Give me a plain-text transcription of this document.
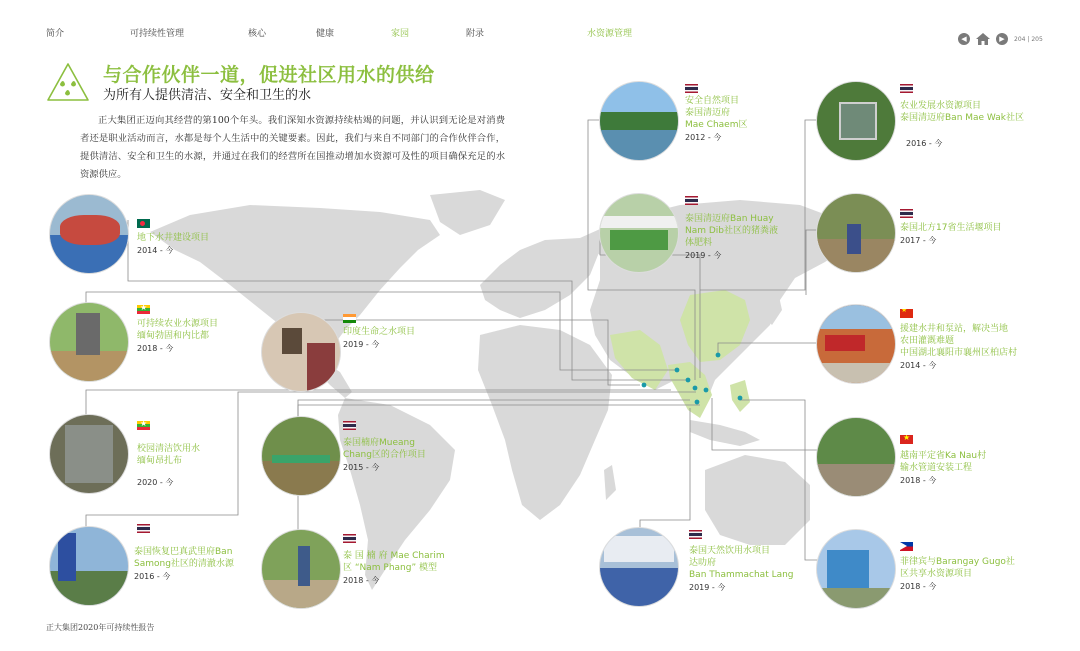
简介	可持续性管理	核心	健康	家园	附录	水资源管理	◀	▶	204 | 205
与合作伙伴一道，促进社区用水的供给
为所有人提供清洁、安全和卫生的水
正大集团正迈向其经营的第100个年头。我们深知水资源持续枯竭的问题，并认识到无论是对消费者还是职业活动而言，水都是每个人生活中的关键要素。因此，我们与来自不同部门的合作伙伴合作，提供清洁、安全和卫生的水源，并通过在我们的经营所在国推动增加水资源可及性的项目确保充足的水资源供应。
★
★
★
★
地下水井建设项目
2014 - 今
可持续农业水源项目
缅甸勃固和内比都
2018 - 今
校园清洁饮用水
缅甸昂扎布
2020 - 今
泰国恢复巴真武里府Ban
Samong社区的清澈水源
2016 - 今
印度生命之水项目
2019 - 今
泰国楠府Mueang
Chang区的合作项目
2015 - 今
泰 国 楠 府 Mae Charim
区 “Nam Phang” 模型
2018 - 今
安全自然项目
泰国清迈府
Mae Chaem区
2012 - 今
泰国清迈府Ban Huay
Nam Dib社区的猪粪液
体肥料
2019 - 今
泰国天然饮用水项目
达叻府
Ban Thammachat Lang
2019 - 今
农业发展水资源项目
泰国清迈府Ban Mae Wak社区
2016 - 今
泰国北方17省生活堰项目
2017 - 今
援建水井和泵站，解决当地
农田灌溉难题
中国湖北襄阳市襄州区柏店村
2014 - 今
越南平定省Ka Nau村
输水管道安装工程
2018 - 今
菲律宾与Barangay Gugo社
区共享水资源项目
2018 - 今
正大集团2020年可持续性报告
